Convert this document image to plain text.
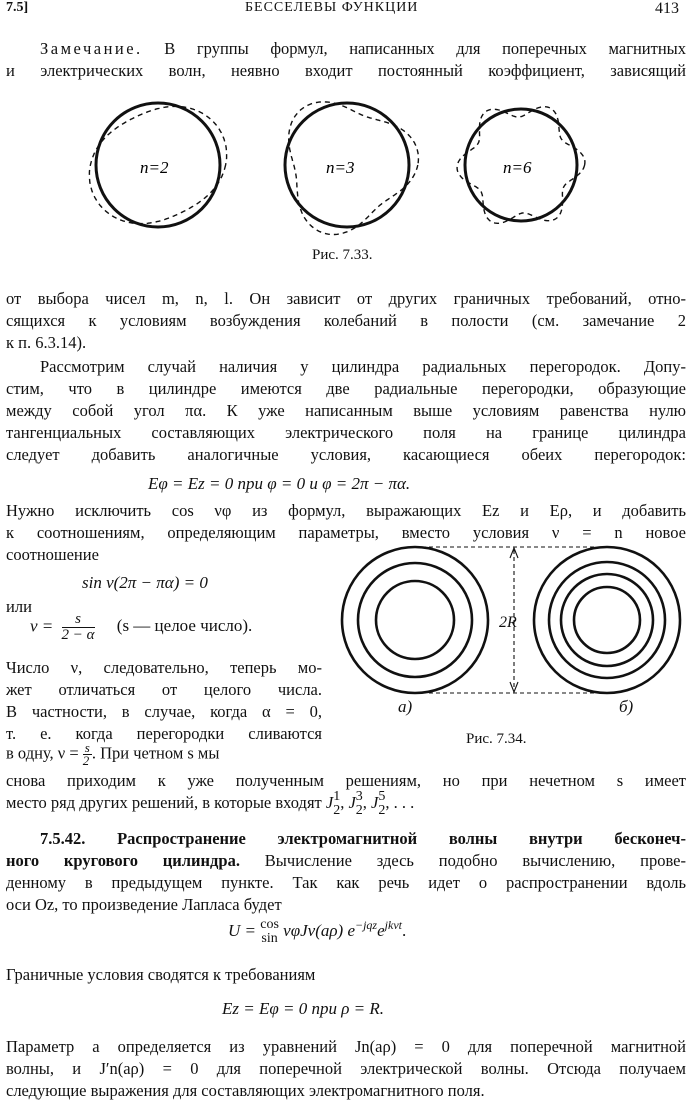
7.5]	БЕССЕЛЕВЫ ФУНКЦИИ	413
Замечание. В группы формул, написанных для поперечных магнитных
и электрических волн, неявно входит постоянный коэффициент, зависящий
n=2	n=3	n=6
Рис. 7.33.
от выбора чисел m, n, l. Он зависит от других граничных требований, отно-
сящихся к условиям возбуждения колебаний в полости (см. замечание 2
к п. 6.3.14).
Рассмотрим случай наличия у цилиндра радиальных перегородок. Допу-
стим, что в цилиндре имеются две радиальные перегородки, образующие
между собой угол πα. К уже написанным выше условиям равенства нулю
тангенциальных составляющих электрического поля на границе цилиндра
следует добавить аналогичные условия, касающиеся обеих перегородок:
Eφ = Ez = 0 при φ = 0 и φ = 2π − πα.
Нужно исключить cos νφ из формул, выражающих Ez и Eρ, и добавить
к соотношениям, определяющим параметры, вместо условия ν = n новое
соотношение
sin ν(2π − πα) = 0
или
$\nu = \frac{s}{2 - \alpha} (s$ — целое число).
Число ν, следовательно, теперь мо-
жет отличаться от целого числа.
В частности, в случае, когда α = 0,
т. е. когда перегородки сливаются
в одну, $\nu = \frac{s}{2}$ . При четном s мы
2R
а)	б)
Рис. 7.34.
снова приходим к уже полученным решениям, но при нечетном s имеет
место ряд других решений, в которые входят J 1
2 , J 3
2 , J 5
2 , . . .
7.5.42. Распространение электромагнитной волны внутри бесконеч-
ного кругового цилиндра. Вычисление здесь подобно вычислению, прове-
денному в предыдущем пункте. Так как речь идет о распространении вдоль
оси Oz, то произведение Лапласа будет
U = cos
sin νφJν(aρ) $e^{-jqz}e^{jkvt}$.
Граничные условия сводятся к требованиям
Ez = Eφ = 0 при ρ = R.
Параметр a определяется из уравнений Jn(aρ) = 0 для поперечной магнитной
волны, и J′n(aρ) = 0 для поперечной электрической волны. Отсюда получаем
следующие выражения для составляющих электромагнитного поля.
